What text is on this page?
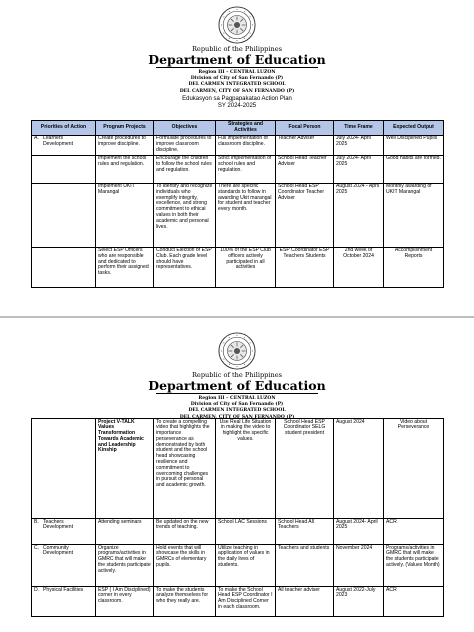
Republic of the Philippines
Department of Education
Region III – CENTRAL LUZON
Division of City of San Fernando (P)
DEL CARMEN INTEGRATED SCHOOL
DEL CARMEN, CITY OF SAN FERNANDO (P)
Edukasyon sa Pagpapakatao Action Plan
SY 2024-2025
Priorities of Action	Program Projects	Objectives	Strategies and Activities	Focal Person	Time Frame	Expected Output
A. Learners Development	Create procedures to improve discipline.	Formulate procedures to improve classroom discipline.	Full implementation of classroom discipline.	Teacher Adviser	July 2024- April 2025	Well Disciplined Pupils
	Implement the school rules and regulation.	Encourage the children to follow the school rules and regulation.	Strict implementation of school rules and regulation.	School Head Teacher Adviser	July 2024- April 2025	Good habits are formed.
	Implement UKIT Marangal	To identify and recognize individuals who exemplify integrity, excellence, and strong commitment to ethical values in both their academic and personal lives.	There are specific standards to follow in awarding Ukit marangal for student and teacher every month.	School Head ESP Coordinator Teacher Adviser	August 2024 - April 2025	Monthly awarding of UKIT Marangal
	Select ESP Officers who are responsible and dedicated to perform their assigned tasks.	Conduct Election of ESP Club. Each grade level should have representatives.	100% of the ESP Club officers actively participated in all activities	ESP Coordinator ESP Teachers Students	2nd week of October 2024	Accomplishment Reports
Republic of the Philippines
Department of Education
Region III – CENTRAL LUZON
Division of City of San Fernando (P)
DEL CARMEN INTEGRATED SCHOOL
DEL CARMEN, CITY OF SAN FERNANDO (P)
	Project V-TALK Values Transformation Towards Academic and Leadership Kinship	To create a compelling video that highlights the importance perseverance as demonstrated by both student and the school head showcasing resilience and commitment to overcoming challenges in pursuit of personal and academic growth.	Use Real Life Situation in making the video to highlight the specific values.	School Head ESP Coordinator SELG student president	August 2024	Video about Perseverance
B. Teachers Development	Attending seminars	Be updated on the new trends of teaching.	School LAC Sessions	School Head All Teachers	August 2024- April 2025	ACR
C. Community Development	Organize programs/activities in GMRC that will make the students participate actively.	Hold events that will showcase the skills in GMRCs of elementary pupils.	Utilize teaching in application of values in the daily lives of students.	Teachers and students	November 2024	Programs/activities in GMRC that will make the students participate actively. (Values Month)
D. Physical Facilities	ESP ( I Am Disciplined) corner in every classroom.	To make the students analyze themselves for who they really are.	To make the School Head ESP Coordinator I Am Disciplined Corner in each classroom.	All teacher adviser	August 2022-July 2023	ACR
